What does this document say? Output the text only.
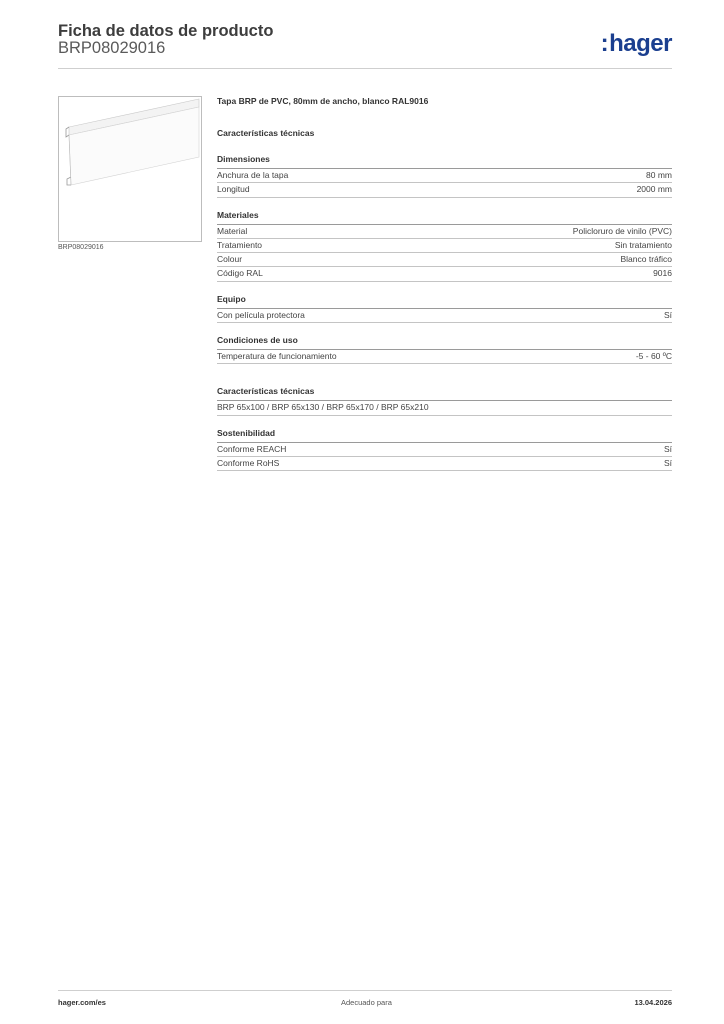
Ficha de datos de producto
BRP08029016	:hager
BRP08029016
Tapa BRP de PVC, 80mm de ancho, blanco RAL9016
Características técnicas
Dimensiones
Anchura de la tapa	80 mm
Longitud	2000 mm
Materiales
Material	Policloruro de vinilo (PVC)
Tratamiento	Sin tratamiento
Colour	Blanco tráfico
Código RAL	9016
Equipo
Con película protectora	Sí
Condiciones de uso
Temperatura de funcionamiento	-5 - 60 ºC
Características técnicas
BRP 65x100 / BRP 65x130 / BRP 65x170 / BRP 65x210
Sostenibilidad
Conforme REACH	Sí
Conforme RoHS	Sí
hager.com/es	Adecuado para	13.04.2026
